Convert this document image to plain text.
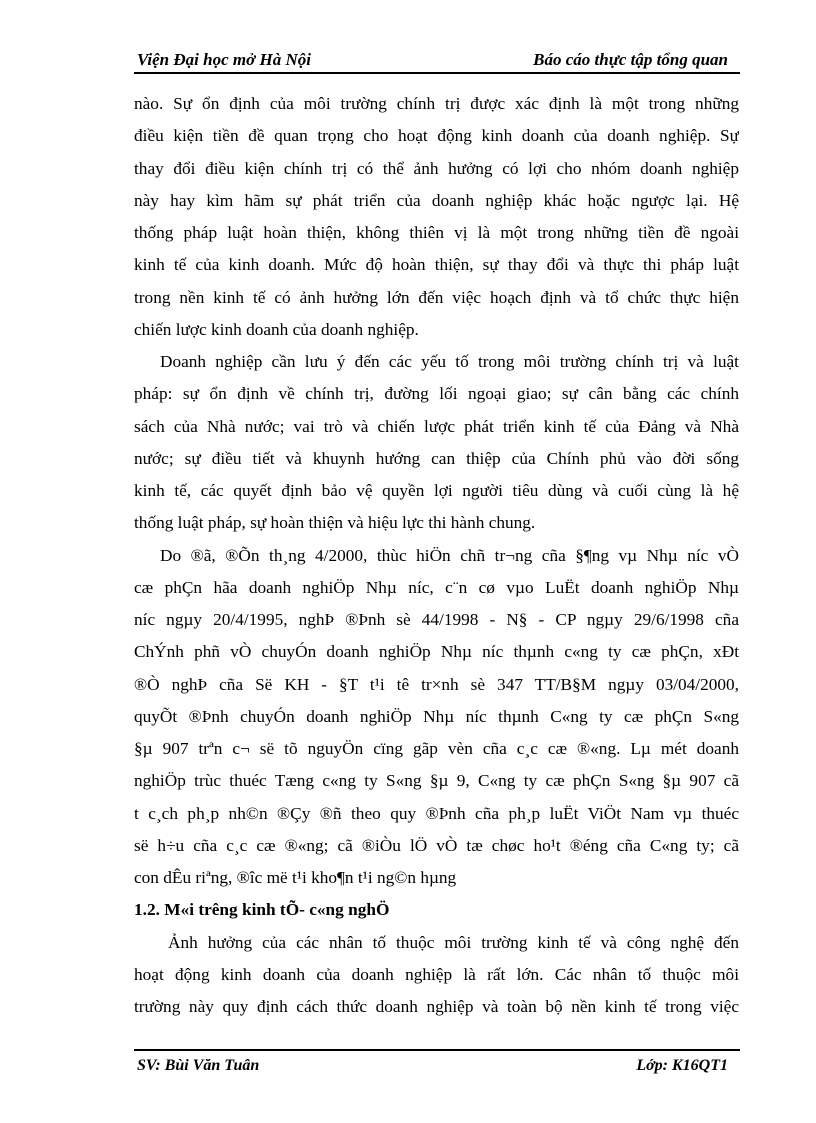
Viện Đại học mở Hà Nội	Báo cáo thực tập tổng quan
nào. Sự ổn định của môi trường chính trị được xác định là một trong những
điều kiện tiền đề quan trọng cho hoạt động kinh doanh của doanh nghiệp. Sự
thay đổi điều kiện chính trị có thể ảnh hưởng có lợi cho nhóm doanh nghiệp
này hay kìm hãm sự phát triển của doanh nghiệp khác hoặc ngược lại. Hệ
thống pháp luật hoàn thiện, không thiên vị là một trong những tiền đề ngoài
kinh tế của kinh doanh. Mức độ hoàn thiện, sự thay đổi và thực thi pháp luật
trong nền kinh tế có ảnh hưởng lớn đến việc hoạch định và tổ chức thực hiện
chiến lược kinh doanh của doanh nghiệp.
Doanh nghiệp cần lưu ý đến các yếu tố trong môi trường chính trị và luật
pháp: sự ổn định về chính trị, đường lối ngoại giao; sự cân bằng các chính
sách của Nhà nước; vai trò và chiến lược phát triển kinh tế của Đảng và Nhà
nước; sự điều tiết và khuynh hướng can thiệp của Chính phủ vào đời sống
kinh tế, các quyết định bảo vệ quyền lợi người tiêu dùng và cuối cùng là hệ
thống luật pháp, sự hoàn thiện và hiệu lực thi hành chung.
Do ®ã, ®Õn th¸ng 4/2000, thùc hiÖn chñ tr¬ng cña §¶ng vµ Nhµ níc vÒ
cæ phÇn hãa doanh nghiÖp Nhµ níc, c¨n cø vµo LuËt doanh nghiÖp Nhµ
níc ngµy 20/4/1995, nghÞ ®Þnh sè 44/1998 - N§ - CP ngµy 29/6/1998 cña
ChÝnh phñ vÒ chuyÓn doanh nghiÖp Nhµ níc thµnh c«ng ty cæ phÇn, xÐt
®Ò nghÞ cña Së KH - §T t¹i tê tr×nh sè 347 TT/B§M ngµy 03/04/2000,
quyÕt ®Þnh chuyÓn doanh nghiÖp Nhµ níc thµnh C«ng ty cæ phÇn S«ng
§µ 907 trªn c¬ së tõ nguyÖn cïng gãp vèn cña c¸c cæ ®«ng. Lµ mét doanh
nghiÖp trùc thuéc Tæng c«ng ty S«ng §µ 9, C«ng ty cæ phÇn S«ng §µ 907 cã
t c¸ch ph¸p nh©n ®Çy ®ñ theo quy ®Þnh cña ph¸p luËt ViÖt Nam vµ thuéc
së h÷u cña c¸c cæ ®«ng; cã ®iÒu lÖ vÒ tæ chøc ho¹t ®éng cña C«ng ty; cã
con dÊu riªng, ®îc më t¹i kho¶n t¹i ng©n hµng
1.2. M«i trêng kinh tÕ- c«ng nghÖ
Ảnh hưởng của các nhân tố thuộc môi trường kinh tế và công nghệ đến
hoạt động kinh doanh của doanh nghiệp là rất lớn. Các nhân tố thuộc môi
trường này quy định cách thức doanh nghiệp và toàn bộ nền kinh tế trong việc
SV: Bùi Văn Tuân	Lớp: K16QT1
